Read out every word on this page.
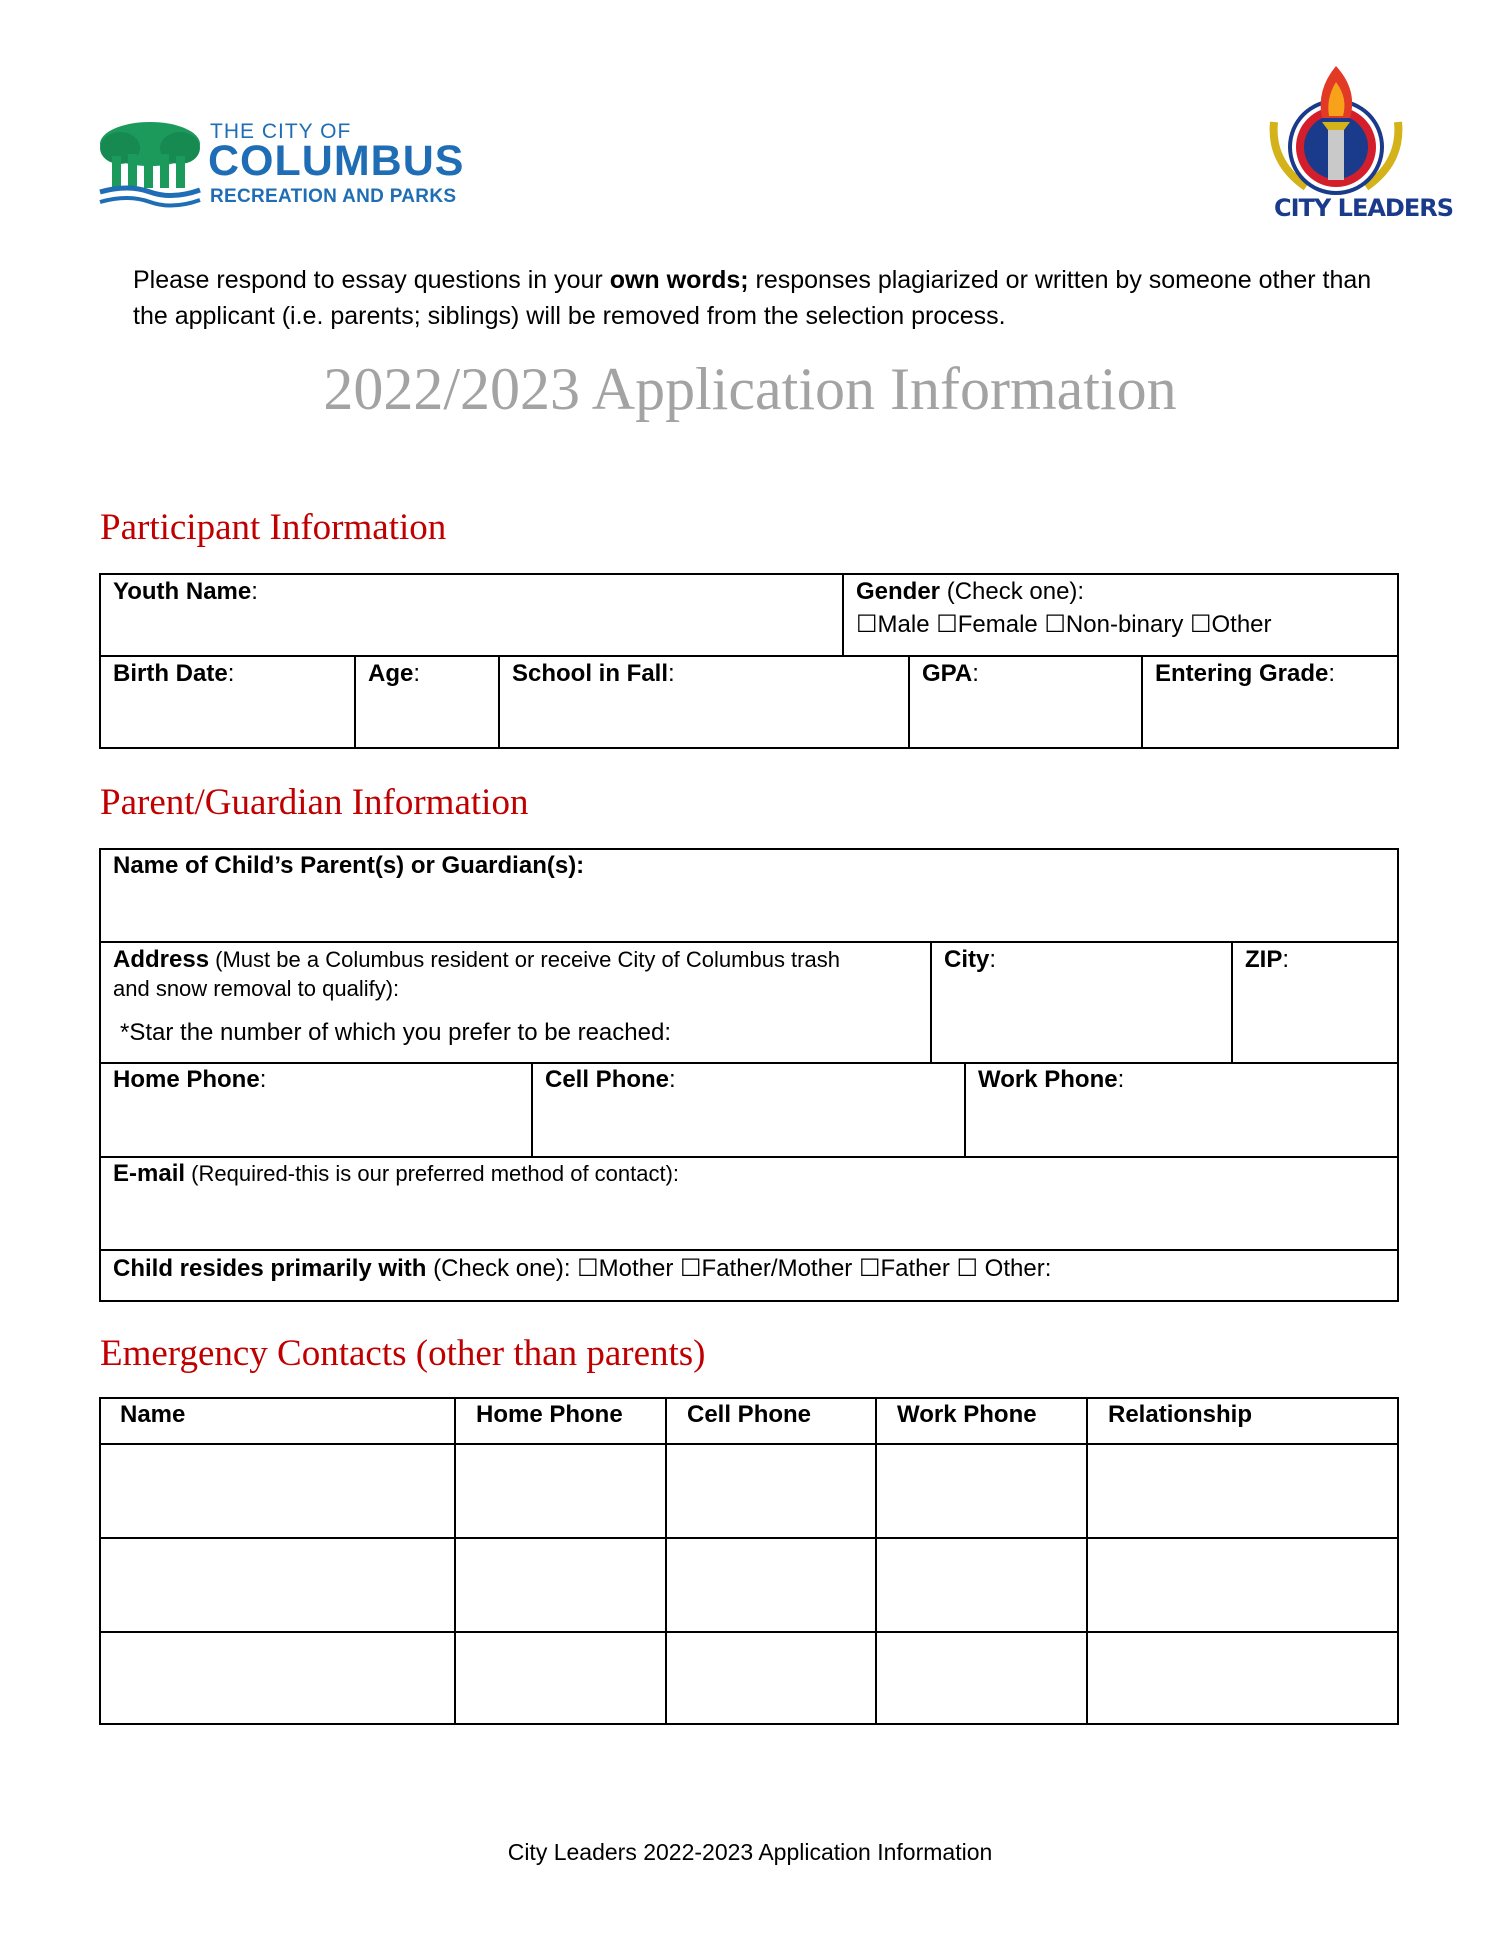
THE CITY OF
COLUMBUS
RECREATION AND PARKS	CITY LEADERS
Please respond to essay questions in your own words; responses plagiarized or written by someone other than the applicant (i.e. parents; siblings) will be removed from the selection process.
2022/2023 Application Information
Participant Information
Youth Name:	Gender (Check one):
☐Male ☐Female ☐Non-binary ☐Other
Birth Date:	Age:	School in Fall:	GPA:	Entering Grade:
Parent/Guardian Information
Name of Child’s Parent(s) or Guardian(s):
Address (Must be a Columbus resident or receive City of Columbus trash
and snow removal to qualify):
*Star the number of which you prefer to be reached:
City:	ZIP:
Home Phone:	Cell Phone:	Work Phone:
E-mail (Required-this is our preferred method of contact):
Child resides primarily with (Check one): ☐Mother ☐Father/Mother ☐Father ☐ Other:
Emergency Contacts (other than parents)
Name	Home Phone	Cell Phone	Work Phone	Relationship
City Leaders 2022-2023 Application Information
